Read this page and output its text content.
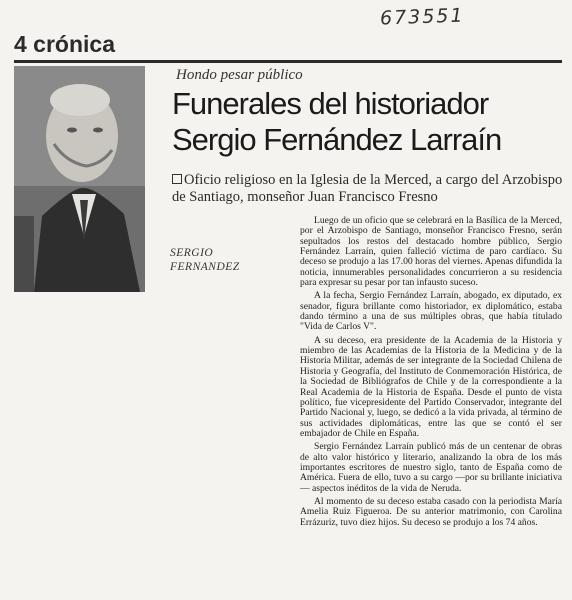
673551
4 crónica
Hondo pesar público
Funerales del historiador
Sergio Fernández Larraín
Oficio religioso en la Iglesia de la Merced, a cargo del Arzobispo de Santiago, monseñor Juan Francisco Fresno
SERGIO
FERNANDEZ

Luego de un oficio que se celebrará en la Basílica de la Merced, por el Arzobispo de Santiago, monseñor Francisco Fresno, serán sepultados los restos del destacado hombre público, Sergio Fernández Larraín, quien falleció víctima de paro cardíaco. Su deceso se produjo a las 17.00 horas del viernes. Apenas difundida la noticia, innumerables personalidades concurrieron a su residencia para expresar su pesar por tan infausto suceso.

A la fecha, Sergio Fernández Larraín, abogado, ex diputado, ex senador, figura brillante como historiador, ex diplomático, estaba dando término a una de sus múltiples obras, que había titulado "Vida de Carlos V".

A su deceso, era presidente de la Academia de la Historia y miembro de las Academias de la Historia de la Medicina y de la Historia Militar, además de ser integrante de la Sociedad Chilena de Historia y Geografía, del Instituto de Conmemoración Histórica, de la Sociedad de Bibliógrafos de Chile y de la correspondiente a la Real Academia de la Historia de España. Desde el punto de vista político, fue vicepresidente del Partido Conservador, integrante del Partido Nacional y, luego, se dedicó a la vida privada, al término de sus actividades diplomáticas, entre las que se contó el ser embajador de Chile en España.

Sergio Fernández Larraín publicó más de un centenar de obras de alto valor histórico y literario, analizando la obra de los más importantes escritores de nuestro siglo, tanto de España como de América. Fuera de ello, tuvo a su cargo —por su brillante iniciativa— aspectos inéditos de la vida de Neruda.

Al momento de su deceso estaba casado con la periodista María Amelia Ruiz Figueroa. De su anterior matrimonio, con Carolina Errázuriz, tuvo diez hijos. Su deceso se produjo a los 74 años.
